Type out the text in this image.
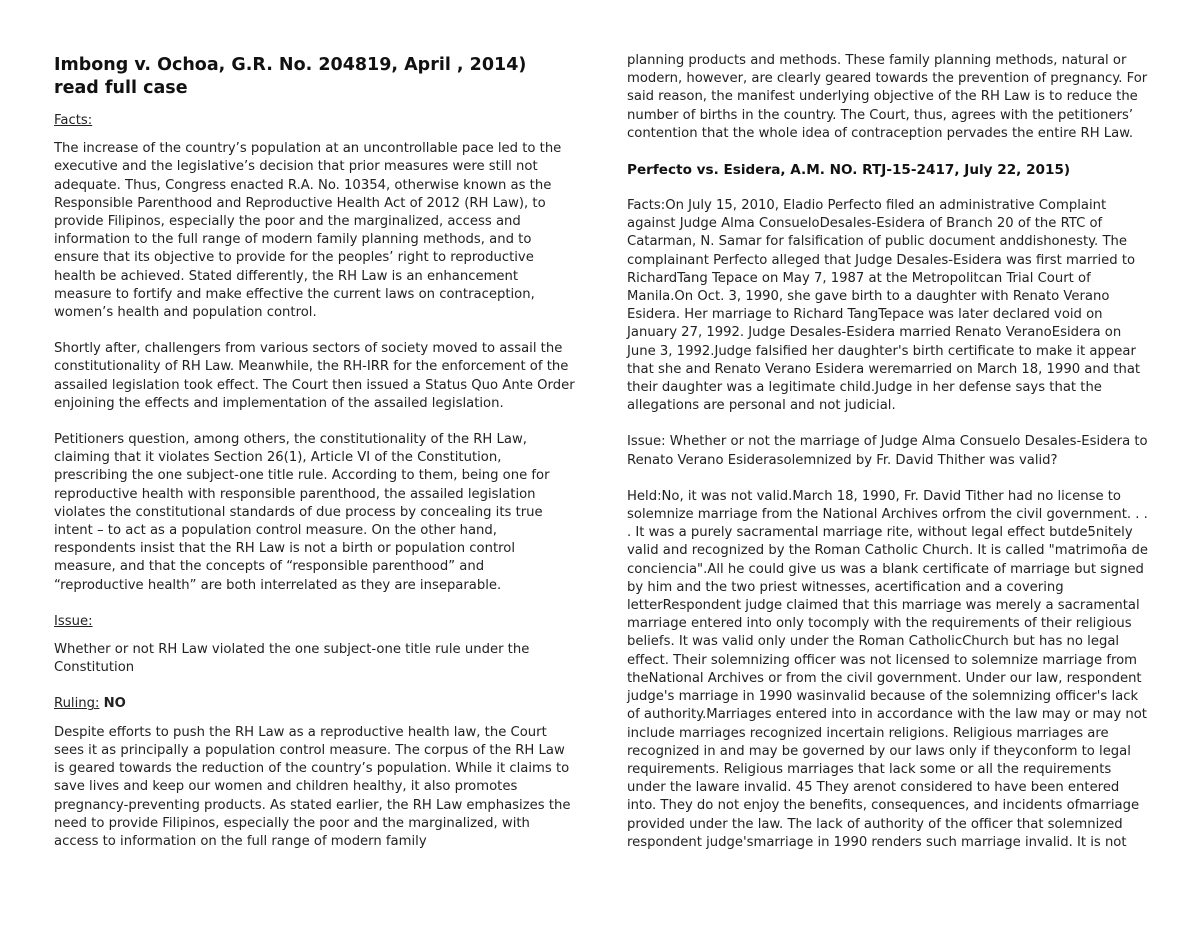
Imbong v. Ochoa, G.R. No. 204819, April , 2014)
read full case

Facts:

The increase of the country’s population at an uncontrollable pace led to the executive and the legislative’s decision that prior measures were still not adequate. Thus, Congress enacted R.A. No. 10354, otherwise known as the Responsible Parenthood and Reproductive Health Act of 2012 (RH Law), to provide Filipinos, especially the poor and the marginalized, access and information to the full range of modern family planning methods, and to ensure that its objective to provide for the peoples’ right to reproductive health be achieved. Stated differently, the RH Law is an enhancement measure to fortify and make effective the current laws on contraception, women’s health and population control.

Shortly after, challengers from various sectors of society moved to assail the constitutionality of RH Law. Meanwhile, the RH-IRR for the enforcement of the assailed legislation took effect. The Court then issued a Status Quo Ante Order enjoining the effects and implementation of the assailed legislation.

Petitioners question, among others, the constitutionality of the RH Law, claiming that it violates Section 26(1), Article VI of the Constitution, prescribing the one subject-one title rule. According to them, being one for reproductive health with responsible parenthood, the assailed legislation violates the constitutional standards of due process by concealing its true intent – to act as a population control measure. On the other hand, respondents insist that the RH Law is not a birth or population control measure, and that the concepts of “responsible parenthood” and “reproductive health” are both interrelated as they are inseparable.

Issue:

Whether or not RH Law violated the one subject-one title rule under the Constitution

Ruling: NO

Despite efforts to push the RH Law as a reproductive health law, the Court sees it as principally a population control measure. The corpus of the RH Law is geared towards the reduction of the country’s population. While it claims to save lives and keep our women and children healthy, it also promotes pregnancy-preventing products. As stated earlier, the RH Law emphasizes the need to provide Filipinos, especially the poor and the marginalized, with access to information on the full range of modern family

planning products and methods. These family planning methods, natural or modern, however, are clearly geared towards the prevention of pregnancy. For said reason, the manifest underlying objective of the RH Law is to reduce the number of births in the country. The Court, thus, agrees with the petitioners’ contention that the whole idea of contraception pervades the entire RH Law.

Perfecto vs. Esidera, A.M. NO. RTJ-15-2417, July 22, 2015)

Facts:On July 15, 2010, Eladio Perfecto filed an administrative Complaint against Judge Alma ConsueloDesales-Esidera of Branch 20 of the RTC of Catarman, N. Samar for falsification of public document anddishonesty. The complainant Perfecto alleged that Judge Desales-Esidera was first married to RichardTang Tepace on May 7, 1987 at the Metropolitcan Trial Court of Manila.On Oct. 3, 1990, she gave birth to a daughter with Renato Verano Esidera. Her marriage to Richard TangTepace was later declared void on January 27, 1992. Judge Desales-Esidera married Renato VeranoEsidera on June 3, 1992.Judge falsified her daughter's birth certificate to make it appear that she and Renato Verano Esidera weremarried on March 18, 1990 and that their daughter was a legitimate child.Judge in her defense says that the allegations are personal and not judicial.

Issue: Whether or not the marriage of Judge Alma Consuelo Desales-Esidera to Renato Verano Esiderasolemnized by Fr. David Thither was valid?

Held:No, it was not valid.March 18, 1990, Fr. David Tither had no license to solemnize marriage from the National Archives orfrom the civil government. . . . It was a purely sacramental marriage rite, without legal effect butde5nitely valid and recognized by the Roman Catholic Church. It is called "matrimoña de conciencia".All he could give us was a blank certificate of marriage but signed by him and the two priest witnesses, acertification and a covering letterRespondent judge claimed that this marriage was merely a sacramental marriage entered into only tocomply with the requirements of their religious beliefs. It was valid only under the Roman CatholicChurch but has no legal effect. Their solemnizing officer was not licensed to solemnize marriage from theNational Archives or from the civil government. Under our law, respondent judge's marriage in 1990 wasinvalid because of the solemnizing officer's lack of authority.Marriages entered into in accordance with the law may or may not include marriages recognized incertain religions. Religious marriages are recognized in and may be governed by our laws only if theyconform to legal requirements. Religious marriages that lack some or all the requirements under the laware invalid. 45 They arenot considered to have been entered into. They do not enjoy the benefits, consequences, and incidents ofmarriage provided under the law. The lack of authority of the officer that solemnized respondent judge'smarriage in 1990 renders such marriage invalid. It is not
